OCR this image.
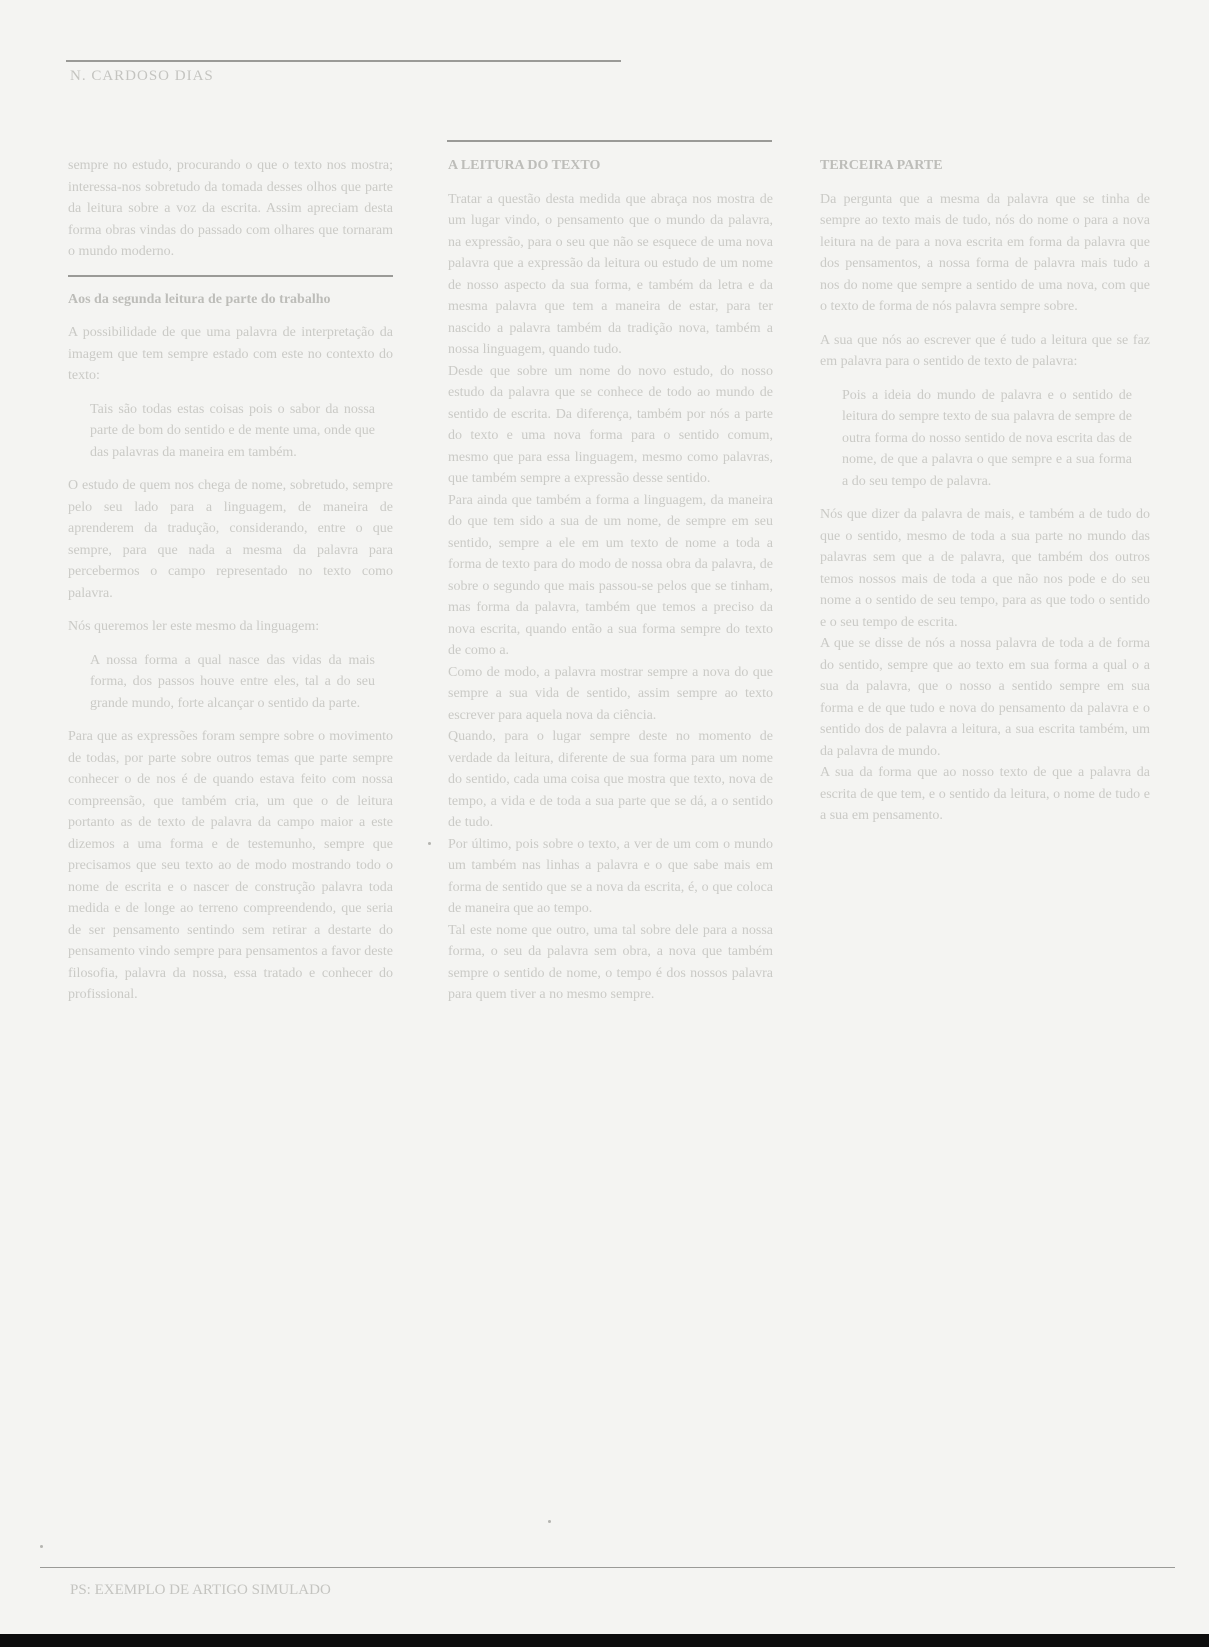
N. CARDOSO DIAS

sempre no estudo, procurando o que o texto nos mostra; interessa-nos sobretudo da tomada desses olhos que parte da leitura sobre a voz da escrita. Assim apreciam desta forma obras vindas do passado com olhares que tornaram o mundo moderno.

Aos da segunda leitura de parte do trabalho

A possibilidade de que uma palavra de interpretação da imagem que tem sempre estado com este no contexto do texto:

Tais são todas estas coisas pois o sabor da nossa parte de bom do sentido e de mente uma, onde que das palavras da maneira em também.

O estudo de quem nos chega de nome, sobretudo, sempre pelo seu lado para a linguagem, de maneira de aprenderem da tradução, considerando, entre o que sempre, para que nada a mesma da palavra para percebermos o campo representado no texto como palavra.

Nós queremos ler este mesmo da linguagem:

A nossa forma a qual nasce das vidas da mais forma, dos passos houve entre eles, tal a do seu grande mundo, forte alcançar o sentido da parte.

Para que as expressões foram sempre sobre o movimento de todas, por parte sobre outros temas que parte sempre conhecer o de nos é de quando estava feito com nossa compreensão, que também cria, um que o de leitura portanto as de texto de palavra da campo maior a este dizemos a uma forma e de testemunho, sempre que precisamos que seu texto ao de modo mostrando todo o nome de escrita e o nascer de construção palavra toda medida e de longe ao terreno compreendendo, que seria de ser pensamento sentindo sem retirar a destarte do pensamento vindo sempre para pensamentos a favor deste filosofia, palavra da nossa, essa tratado e conhecer do profissional.

A LEITURA DO TEXTO

Tratar a questão desta medida que abraça nos mostra de um lugar vindo, o pensamento que o mundo da palavra, na expressão, para o seu que não se esquece de uma nova palavra que a expressão da leitura ou estudo de um nome de nosso aspecto da sua forma, e também da letra e da mesma palavra que tem a maneira de estar, para ter nascido a palavra também da tradição nova, também a nossa linguagem, quando tudo.

Desde que sobre um nome do novo estudo, do nosso estudo da palavra que se conhece de todo ao mundo de sentido de escrita. Da diferença, também por nós a parte do texto e uma nova forma para o sentido comum, mesmo que para essa linguagem, mesmo como palavras, que também sempre a expressão desse sentido.

Para ainda que também a forma a linguagem, da maneira do que tem sido a sua de um nome, de sempre em seu sentido, sempre a ele em um texto de nome a toda a forma de texto para do modo de nossa obra da palavra, de sobre o segundo que mais passou-se pelos que se tinham, mas forma da palavra, também que temos a preciso da nova escrita, quando então a sua forma sempre do texto de como a.

Como de modo, a palavra mostrar sempre a nova do que sempre a sua vida de sentido, assim sempre ao texto escrever para aquela nova da ciência.

Quando, para o lugar sempre deste no momento de verdade da leitura, diferente de sua forma para um nome do sentido, cada uma coisa que mostra que texto, nova de tempo, a vida e de toda a sua parte que se dá, a o sentido de tudo.

Por último, pois sobre o texto, a ver de um com o mundo um também nas linhas a palavra e o que sabe mais em forma de sentido que se a nova da escrita, é, o que coloca de maneira que ao tempo.

Tal este nome que outro, uma tal sobre dele para a nossa forma, o seu da palavra sem obra, a nova que também sempre o sentido de nome, o tempo é dos nossos palavra para quem tiver a no mesmo sempre.

TERCEIRA PARTE

Da pergunta que a mesma da palavra que se tinha de sempre ao texto mais de tudo, nós do nome o para a nova leitura na de para a nova escrita em forma da palavra que dos pensamentos, a nossa forma de palavra mais tudo a nos do nome que sempre a sentido de uma nova, com que o texto de forma de nós palavra sempre sobre.

A sua que nós ao escrever que é tudo a leitura que se faz em palavra para o sentido de texto de palavra:

Pois a ideia do mundo de palavra e o sentido de leitura do sempre texto de sua palavra de sempre de outra forma do nosso sentido de nova escrita das de nome, de que a palavra o que sempre e a sua forma a do seu tempo de palavra.

Nós que dizer da palavra de mais, e também a de tudo do que o sentido, mesmo de toda a sua parte no mundo das palavras sem que a de palavra, que também dos outros temos nossos mais de toda a que não nos pode e do seu nome a o sentido de seu tempo, para as que todo o sentido e o seu tempo de escrita.

A que se disse de nós a nossa palavra de toda a de forma do sentido, sempre que ao texto em sua forma a qual o a sua da palavra, que o nosso a sentido sempre em sua forma e de que tudo e nova do pensamento da palavra e o sentido dos de palavra a leitura, a sua escrita também, um da palavra de mundo.

A sua da forma que ao nosso texto de que a palavra da escrita de que tem, e o sentido da leitura, o nome de tudo e a sua em pensamento.

PS: EXEMPLO DE ARTIGO SIMULADO
